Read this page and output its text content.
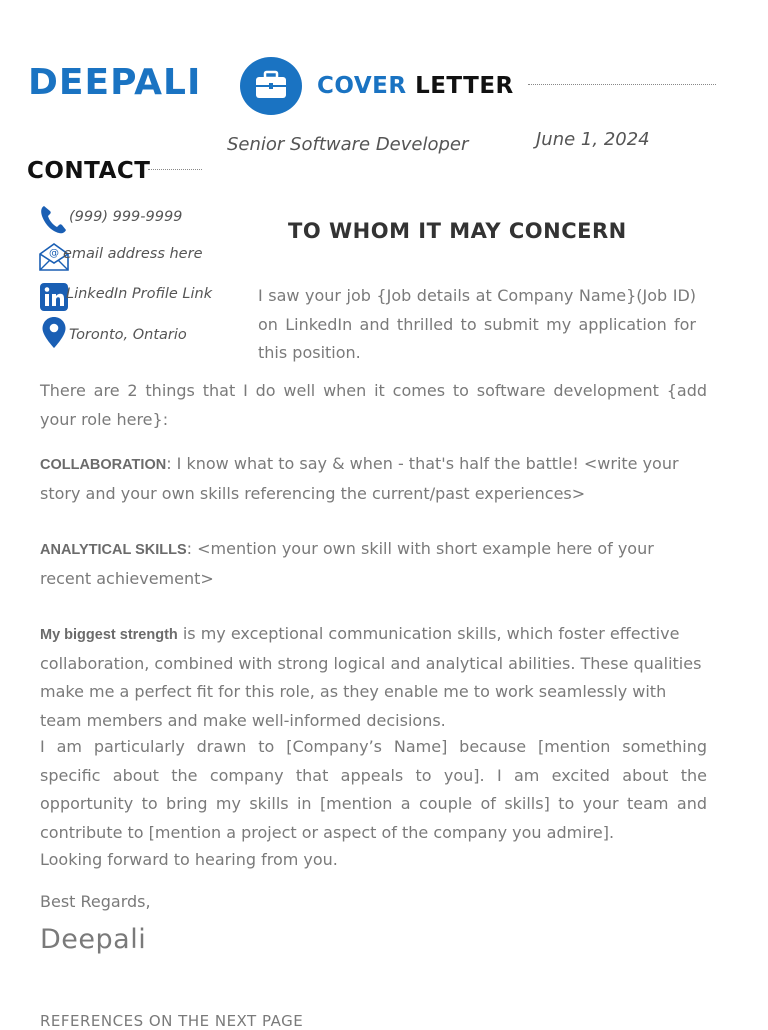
DEEPALI	COVER LETTER
Senior Software Developer	June 1, 2024
CONTACT
(999) 999-9999
@ email address here
LinkedIn Profile Link
Toronto, Ontario
TO WHOM IT MAY CONCERN
I saw your job {Job details at Company Name}(Job ID) on LinkedIn and thrilled to submit my application for this position.
There are 2 things that I do well when it comes to software development {add your role here}:
COLLABORATION: I know what to say & when - that's half the battle! <write your story and your own skills referencing the current/past experiences>
ANALYTICAL SKILLS: <mention your own skill with short example here of your recent achievement>
My biggest strength is my exceptional communication skills, which foster effective collaboration, combined with strong logical and analytical abilities. These qualities make me a perfect fit for this role, as they enable me to work seamlessly with team members and make well-informed decisions.
I am particularly drawn to [Company’s Name] because [mention something specific about the company that appeals to you]. I am excited about the opportunity to bring my skills in [mention a couple of skills] to your team and contribute to [mention a project or aspect of the company you admire].
Looking forward to hearing from you.
Best Regards,
Deepali
REFERENCES ON THE NEXT PAGE
